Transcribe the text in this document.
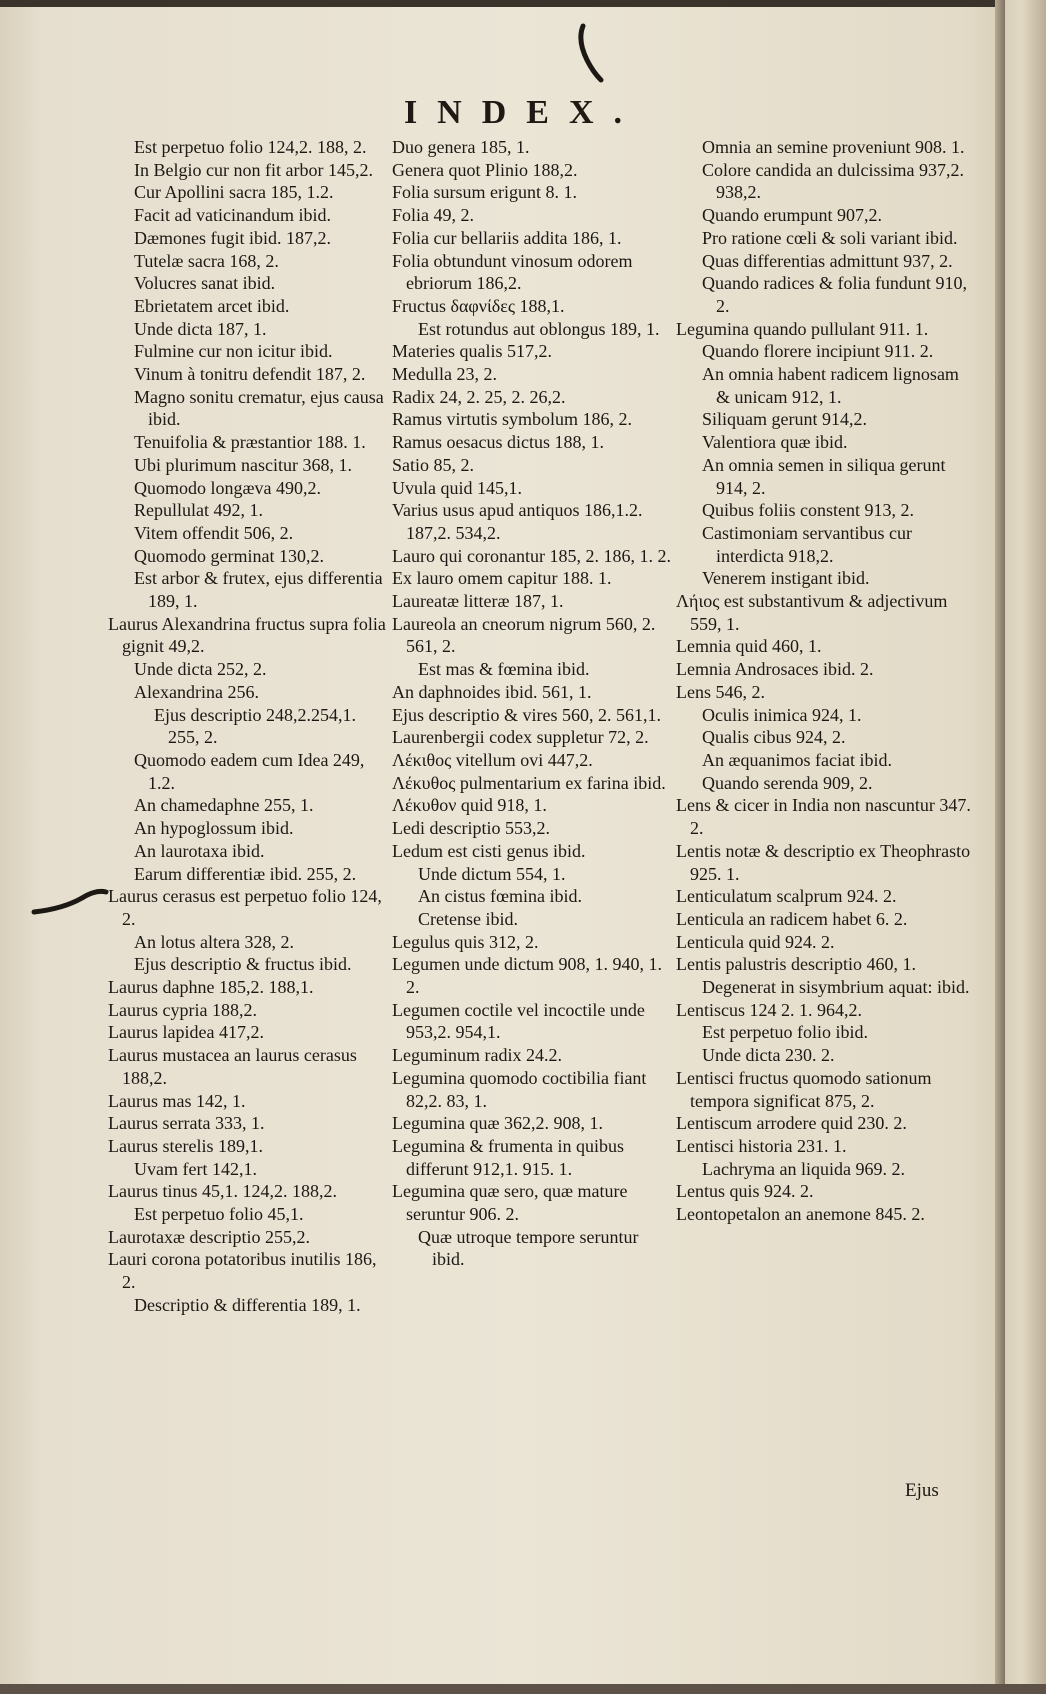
INDEX.
Est perpetuo folio 124,2. 188, 2.
In Belgio cur non fit arbor 145,2.
Cur Apollini sacra 185, 1.2.
Facit ad vaticinandum ibid.
Dæmones fugit ibid. 187,2.
Tutelæ sacra 168, 2.
Volucres sanat ibid.
Ebrietatem arcet ibid.
Unde dicta 187, 1.
Fulmine cur non icitur ibid.
Vinum à tonitru defendit 187, 2.
Magno sonitu crematur, ejus causa ibid.
Tenuifolia & præstantior 188. 1.
Ubi plurimum nascitur 368, 1.
Quomodo longæva 490,2.
Repullulat 492, 1.
Vitem offendit 506, 2.
Quomodo germinat 130,2.
Est arbor & frutex, ejus differentia 189, 1.
Laurus Alexandrina fructus supra folia gignit 49,2.
Unde dicta 252, 2.
Alexandrina 256.
Ejus descriptio 248,2.254,1. 255, 2.
Quomodo eadem cum Idea 249, 1.2.
An chamedaphne 255, 1.
An hypoglossum ibid.
An laurotaxa ibid.
Earum differentiæ ibid. 255, 2.
Laurus cerasus est perpetuo folio 124, 2.
An lotus altera 328, 2.
Ejus descriptio & fructus ibid.
Laurus daphne 185,2. 188,1.
Laurus cypria 188,2.
Laurus lapidea 417,2.
Laurus mustacea an laurus cerasus 188,2.
Laurus mas 142, 1.
Laurus serrata 333, 1.
Laurus sterelis 189,1.
Uvam fert 142,1.
Laurus tinus 45,1. 124,2. 188,2.
Est perpetuo folio 45,1.
Laurotaxæ descriptio 255,2.
Lauri corona potatoribus inutilis 186, 2.
Descriptio & differentia 189, 1.
Duo genera 185, 1.
Genera quot Plinio 188,2.
Folia sursum erigunt 8. 1.
Folia 49, 2.
Folia cur bellariis addita 186, 1.
Folia obtundunt vinosum odorem ebriorum 186,2.
Fructus δαφνίδες 188,1.
Est rotundus aut oblongus 189, 1.
Materies qualis 517,2.
Medulla 23, 2.
Radix 24, 2. 25, 2. 26,2.
Ramus virtutis symbolum 186, 2.
Ramus oesacus dictus 188, 1.
Satio 85, 2.
Uvula quid 145,1.
Varius usus apud antiquos 186,1.2. 187,2. 534,2.
Lauro qui coronantur 185, 2. 186, 1. 2.
Ex lauro omem capitur 188. 1.
Laureatæ litteræ 187, 1.
Laureola an cneorum nigrum 560, 2. 561, 2.
Est mas & fœmina ibid.
An daphnoides ibid. 561, 1.
Ejus descriptio & vires 560, 2. 561,1.
Laurenbergii codex suppletur 72, 2.
Λέκιθος vitellum ovi 447,2.
Λέκυθος pulmentarium ex farina ibid.
Λέκυθον quid 918, 1.
Ledi descriptio 553,2.
Ledum est cisti genus ibid.
Unde dictum 554, 1.
An cistus fœmina ibid.
Cretense ibid.
Legulus quis 312, 2.
Legumen unde dictum 908, 1. 940, 1. 2.
Legumen coctile vel incoctile unde 953,2. 954,1.
Leguminum radix 24.2.
Legumina quomodo coctibilia fiant 82,2. 83, 1.
Legumina quæ 362,2. 908, 1.
Legumina & frumenta in quibus differunt 912,1. 915. 1.
Legumina quæ sero, quæ mature seruntur 906. 2.
Quæ utroque tempore seruntur ibid.
Omnia an semine proveniunt 908. 1.
Colore candida an dulcissima 937,2. 938,2.
Quando erumpunt 907,2.
Pro ratione cœli & soli variant ibid.
Quas differentias admittunt 937, 2.
Quando radices & folia fundunt 910, 2.
Legumina quando pullulant 911. 1.
Quando florere incipiunt 911. 2.
An omnia habent radicem lignosam & unicam 912, 1.
Siliquam gerunt 914,2.
Valentiora quæ ibid.
An omnia semen in siliqua gerunt 914, 2.
Quibus foliis constent 913, 2.
Castimoniam servantibus cur interdicta 918,2.
Venerem instigant ibid.
Λήιος est substantivum & adjectivum 559, 1.
Lemnia quid 460, 1.
Lemnia Androsaces ibid. 2.
Lens 546, 2.
Oculis inimica 924, 1.
Qualis cibus 924, 2.
An æquanimos faciat ibid.
Quando serenda 909, 2.
Lens & cicer in India non nascuntur 347. 2.
Lentis notæ & descriptio ex Theophrasto 925. 1.
Lenticulatum scalprum 924. 2.
Lenticula an radicem habet 6. 2.
Lenticula quid 924. 2.
Lentis palustris descriptio 460, 1.
Degenerat in sisymbrium aquat: ibid.
Lentiscus 124 2. 1. 964,2.
Est perpetuo folio ibid.
Unde dicta 230. 2.
Lentisci fructus quomodo sationum tempora significat 875, 2.
Lentiscum arrodere quid 230. 2.
Lentisci historia 231. 1.
Lachryma an liquida 969. 2.
Lentus quis 924. 2.
Leontopetalon an anemone 845. 2.

Ejus
